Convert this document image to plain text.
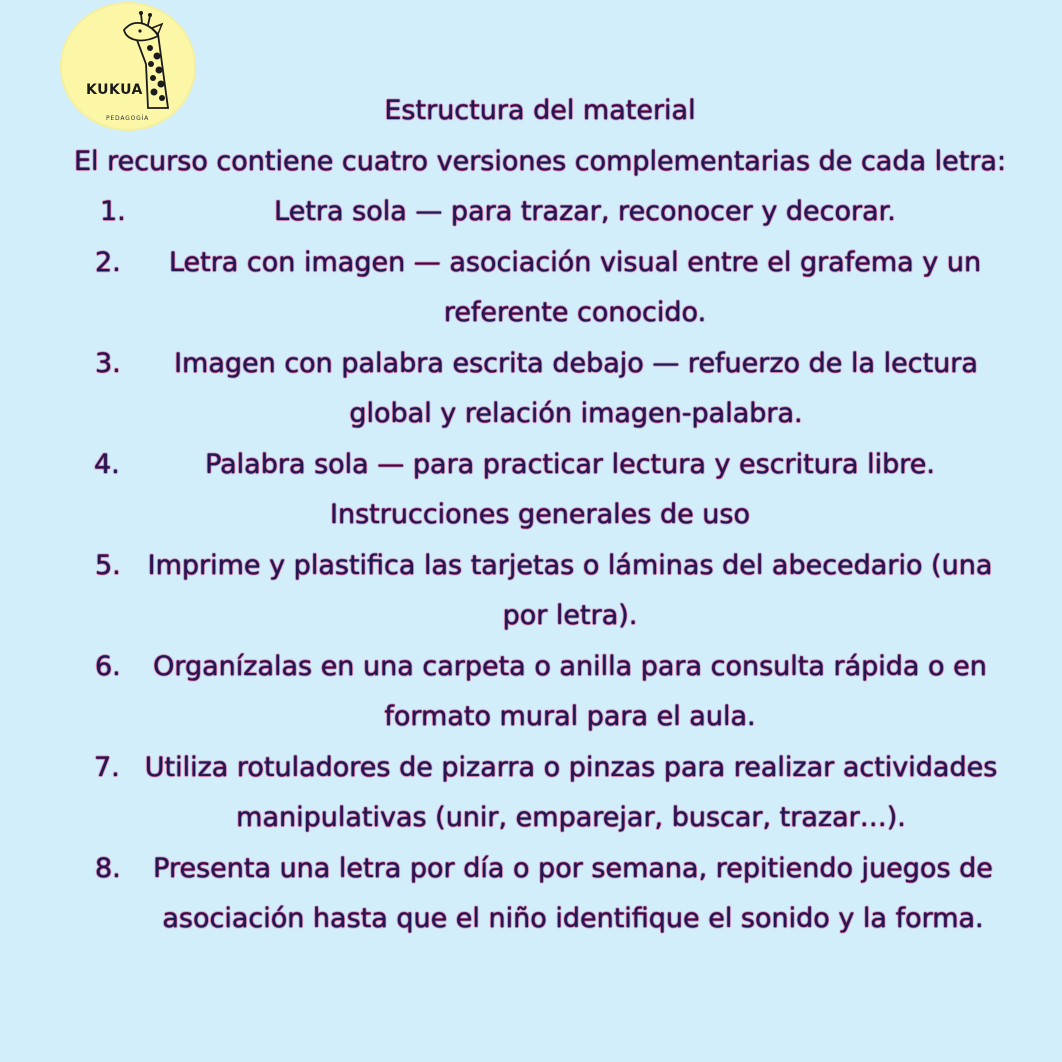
KUKUA
PEDAGOGÍA	Estructura del material
El recurso contiene cuatro versiones complementarias de cada letra:
1.	Letra sola — para trazar, reconocer y decorar.
2. Letra con imagen — asociación visual entre el grafema y un referente conocido.
3. Imagen con palabra escrita debajo — refuerzo de la lectura global y relación imagen-palabra.
4.	Palabra sola — para practicar lectura y escritura libre.
Instrucciones generales de uso
5. Imprime y plastifica las tarjetas o láminas del abecedario (una por letra).
6. Organízalas en una carpeta o anilla para consulta rápida o en formato mural para el aula.
7. Utiliza rotuladores de pizarra o pinzas para realizar actividades manipulativas (unir, emparejar, buscar, trazar…).
8. Presenta una letra por día o por semana, repitiendo juegos de asociación hasta que el niño identifique el sonido y la forma.
